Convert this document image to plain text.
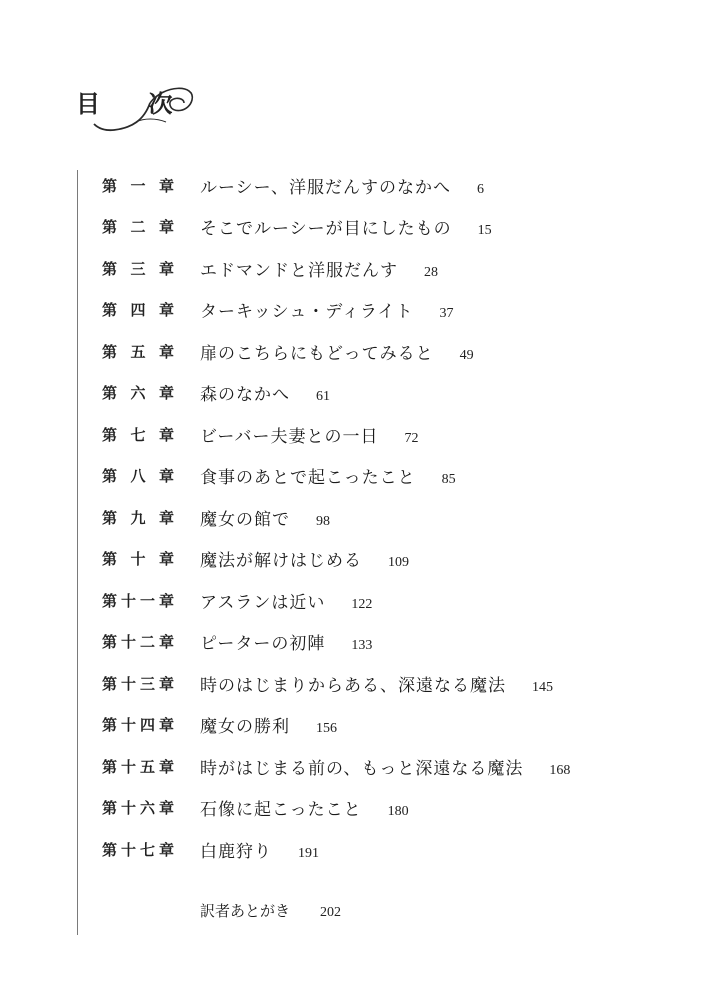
目 次
第 一 章 ルーシー、洋服だんすのなかへ 6
第 二 章 そこでルーシーが目にしたもの 15
第 三 章 エドマンドと洋服だんす 28
第 四 章 ターキッシュ・ディライト 37
第 五 章 扉のこちらにもどってみると 49
第 六 章 森のなかへ 61
第 七 章 ビーバー夫妻との一日 72
第 八 章 食事のあとで起こったこと 85
第 九 章 魔女の館で 98
第 十 章 魔法が解けはじめる 109
第十一章 アスランは近い 122
第十二章 ピーターの初陣 133
第十三章 時のはじまりからある、深遠なる魔法 145
第十四章 魔女の勝利 156
第十五章 時がはじまる前の、もっと深遠なる魔法 168
第十六章 石像に起こったこと 180
第十七章 白鹿狩り 191
訳者あとがき 202
